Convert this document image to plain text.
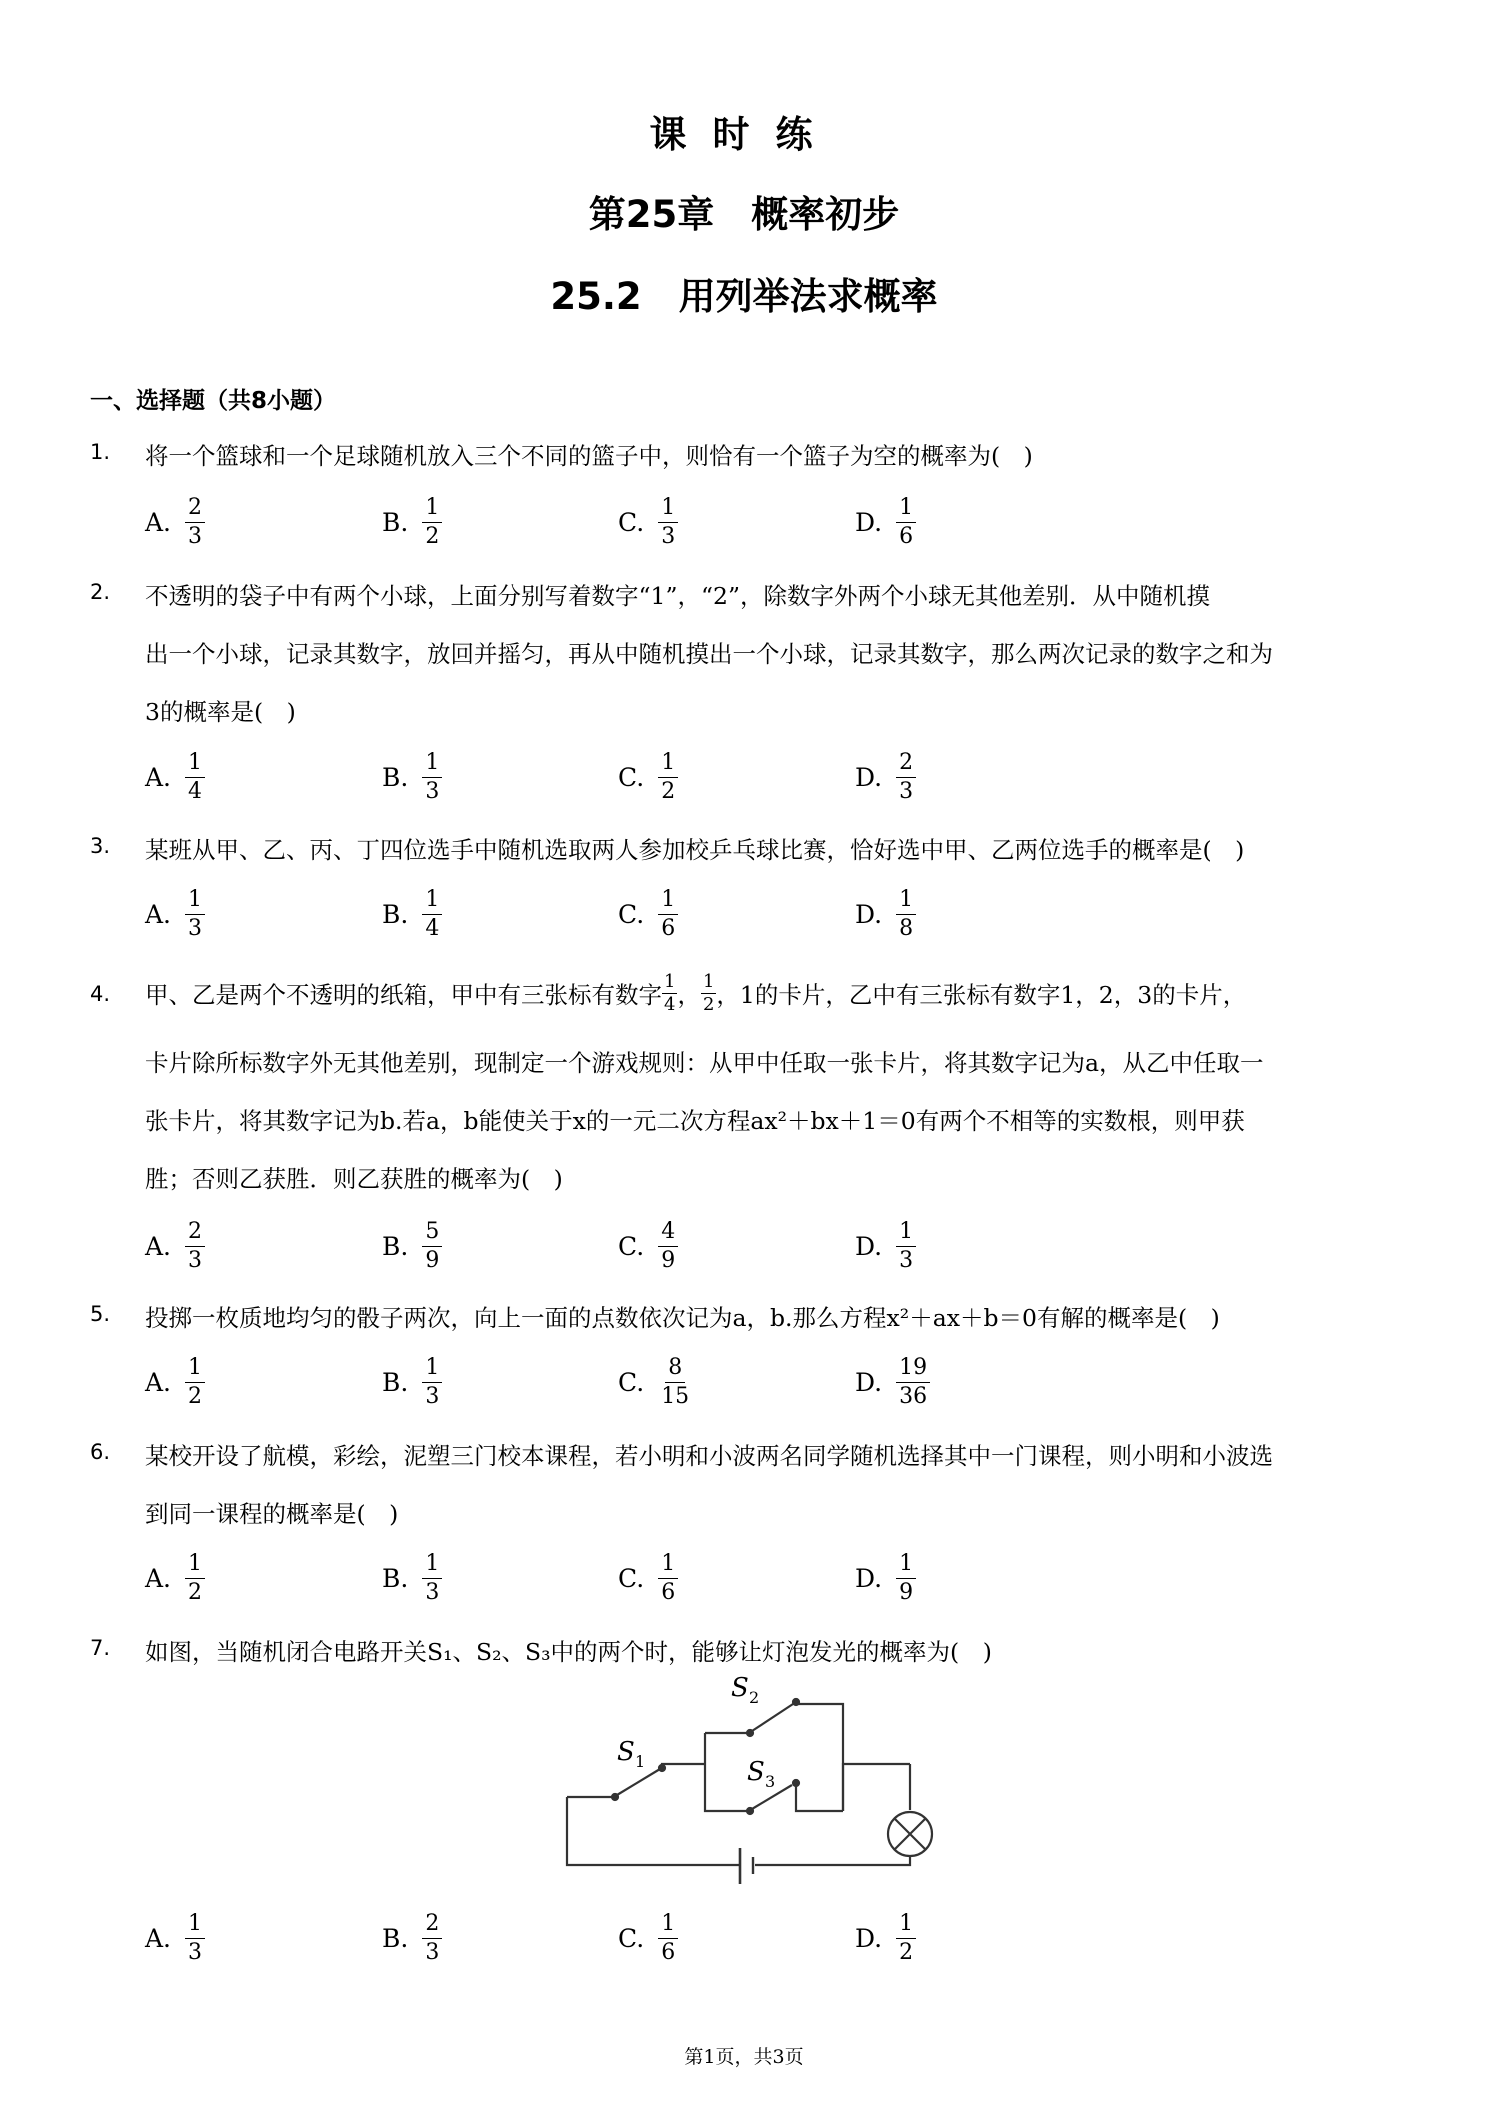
课时练
第25章　概率初步
25.2　用列举法求概率
一、选择题（共8小题）
1. 将一个篮球和一个足球随机放入三个不同的篮子中，则恰有一个篮子为空的概率为(　)
A. $\frac{2}{3}$	B. $\frac{1}{2}$	C. $\frac{1}{3}$	D. $\frac{1}{6}$
2. 不透明的袋子中有两个小球，上面分别写着数字“1”，“2”，除数字外两个小球无其他差别．从中随机摸
出一个小球，记录其数字，放回并摇匀，再从中随机摸出一个小球，记录其数字，那么两次记录的数字之和为
3的概率是(　)
A. $\frac{1}{4}$	B. $\frac{1}{3}$	C. $\frac{1}{2}$	D. $\frac{2}{3}$
3. 某班从甲、乙、丙、丁四位选手中随机选取两人参加校乒乓球比赛，恰好选中甲、乙两位选手的概率是(　)
A. $\frac{1}{3}$	B. $\frac{1}{4}$	C. $\frac{1}{6}$	D. $\frac{1}{8}$
4. 甲、乙是两个不透明的纸箱，甲中有三张标有数字 1
4 ， 1
2 ，1的卡片，乙中有三张标有数字1，2，3的卡片，
卡片除所标数字外无其他差别，现制定一个游戏规则：从甲中任取一张卡片，将其数字记为a，从乙中任取一
张卡片，将其数字记为b.若a，b能使关于x的一元二次方程ax²＋bx＋1＝0有两个不相等的实数根，则甲获
胜；否则乙获胜．则乙获胜的概率为(　)
A. $\frac{2}{3}$	B. $\frac{5}{9}$	C. $\frac{4}{9}$	D. $\frac{1}{3}$
5. 投掷一枚质地均匀的骰子两次，向上一面的点数依次记为a，b.那么方程x²＋ax＋b＝0有解的概率是(　)
A. $\frac{1}{2}$	B. $\frac{1}{3}$	C. $\frac{8}{15}$	D. $\frac{19}{36}$
6. 某校开设了航模，彩绘，泥塑三门校本课程，若小明和小波两名同学随机选择其中一门课程，则小明和小波选
到同一课程的概率是(　)
A. $\frac{1}{2}$	B. $\frac{1}{3}$	C. $\frac{1}{6}$	D. $\frac{1}{9}$
7. 如图，当随机闭合电路开关S₁、S₂、S₃中的两个时，能够让灯泡发光的概率为(　)
S 1
S 2
S 3
A. $\frac{1}{3}$	B. $\frac{2}{3}$	C. $\frac{1}{6}$	D. $\frac{1}{2}$
第1页，共3页
